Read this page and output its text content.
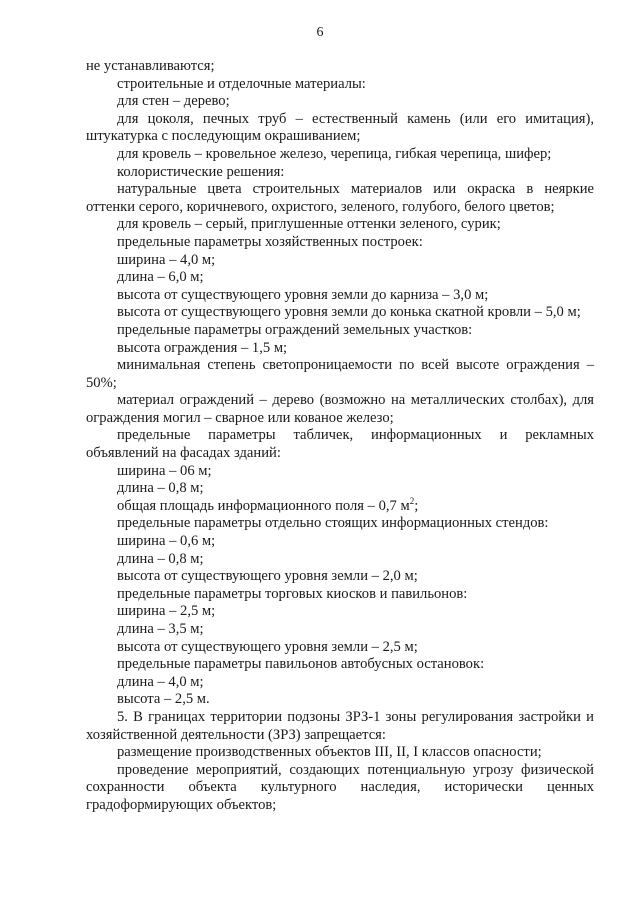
6

не устанавливаются;

строительные и отделочные материалы:

для стен – дерево;

для цоколя, печных труб – естественный камень (или его имитация), штукатурка с последующим окрашиванием;

для кровель – кровельное железо, черепица, гибкая черепица, шифер;

колористические решения:

натуральные цвета строительных материалов или окраска в неяркие оттенки серого, коричневого, охристого, зеленого, голубого, белого цветов;

для кровель – серый, приглушенные оттенки зеленого, сурик;

предельные параметры хозяйственных построек:

ширина – 4,0 м;

длина – 6,0 м;

высота от существующего уровня земли до карниза – 3,0 м;

высота от существующего уровня земли до конька скатной кровли – 5,0 м;

предельные параметры ограждений земельных участков:

высота ограждения – 1,5 м;

минимальная степень светопроницаемости по всей высоте ограждения – 50%;

материал ограждений – дерево (возможно на металлических столбах), для ограждения могил – сварное или кованое железо;

предельные параметры табличек, информационных и рекламных объявлений на фасадах зданий:

ширина – 06 м;

длина – 0,8 м;

общая площадь информационного поля – 0,7 $м^2$;

предельные параметры отдельно стоящих информационных стендов:

ширина – 0,6 м;

длина – 0,8 м;

высота от существующего уровня земли – 2,0 м;

предельные параметры торговых киосков и павильонов:

ширина – 2,5 м;

длина – 3,5 м;

высота от существующего уровня земли – 2,5 м;

предельные параметры павильонов автобусных остановок:

длина – 4,0 м;

высота – 2,5 м.

5. В границах территории подзоны ЗРЗ-1 зоны регулирования застройки и хозяйственной деятельности (ЗРЗ) запрещается:

размещение производственных объектов III, II, I классов опасности;

проведение мероприятий, создающих потенциальную угрозу физической сохранности объекта культурного наследия, исторически ценных градоформирующих объектов;
